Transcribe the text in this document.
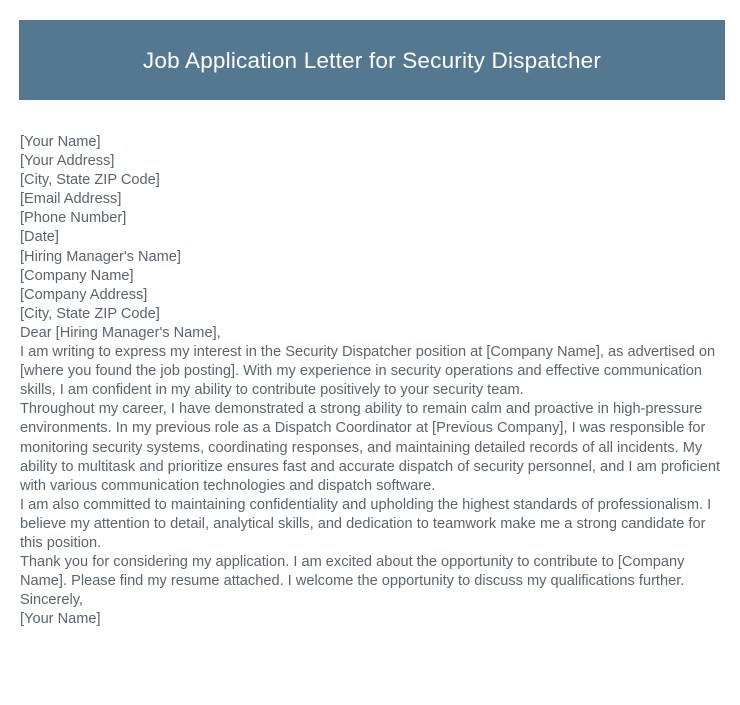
Job Application Letter for Security Dispatcher
[Your Name]
[Your Address]
[City, State ZIP Code]
[Email Address]
[Phone Number]
[Date]
[Hiring Manager's Name]
[Company Name]
[Company Address]
[City, State ZIP Code]
Dear [Hiring Manager's Name],
I am writing to express my interest in the Security Dispatcher position at [Company Name], as advertised on [where you found the job posting]. With my experience in security operations and effective communication skills, I am confident in my ability to contribute positively to your security team.
Throughout my career, I have demonstrated a strong ability to remain calm and proactive in high-pressure environments. In my previous role as a Dispatch Coordinator at [Previous Company], I was responsible for monitoring security systems, coordinating responses, and maintaining detailed records of all incidents. My ability to multitask and prioritize ensures fast and accurate dispatch of security personnel, and I am proficient with various communication technologies and dispatch software.
I am also committed to maintaining confidentiality and upholding the highest standards of professionalism. I believe my attention to detail, analytical skills, and dedication to teamwork make me a strong candidate for this position.
Thank you for considering my application. I am excited about the opportunity to contribute to [Company Name]. Please find my resume attached. I welcome the opportunity to discuss my qualifications further.
Sincerely,
[Your Name]
